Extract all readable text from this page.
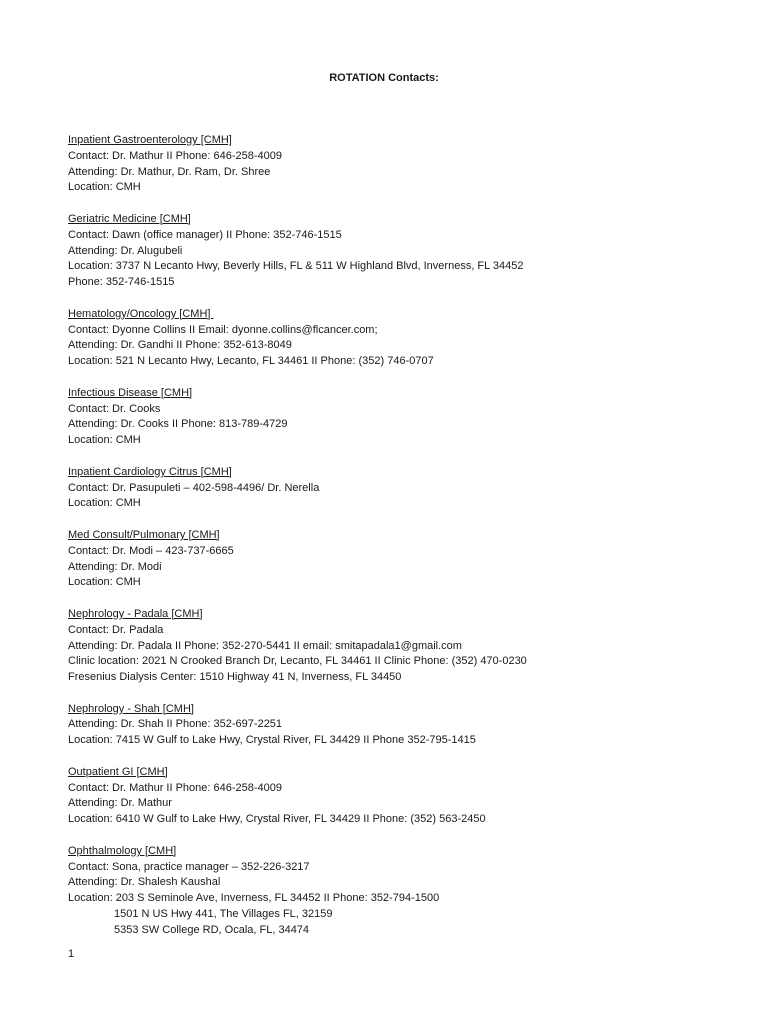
ROTATION Contacts:
Inpatient Gastroenterology [CMH]
Contact: Dr. Mathur II Phone: 646-258-4009
Attending: Dr. Mathur, Dr. Ram, Dr. Shree
Location: CMH
Geriatric Medicine [CMH]
Contact: Dawn (office manager) II Phone: 352-746-1515
Attending: Dr. Alugubeli
Location: 3737 N Lecanto Hwy, Beverly Hills, FL & 511 W Highland Blvd, Inverness, FL 34452
Phone: 352-746-1515
Hematology/Oncology [CMH]
Contact: Dyonne Collins II Email: dyonne.collins@flcancer.com;
Attending: Dr. Gandhi II Phone: 352-613-8049
Location: 521 N Lecanto Hwy, Lecanto, FL 34461 II Phone: (352) 746-0707
Infectious Disease [CMH]
Contact: Dr. Cooks
Attending: Dr. Cooks II Phone: 813-789-4729
Location: CMH
Inpatient Cardiology Citrus [CMH]
Contact: Dr. Pasupuleti – 402-598-4496/ Dr. Nerella
Location: CMH
Med Consult/Pulmonary [CMH]
Contact: Dr. Modi – 423-737-6665
Attending: Dr. Modi
Location: CMH
Nephrology - Padala [CMH]
Contact: Dr. Padala
Attending: Dr. Padala II Phone: 352-270-5441 II email: smitapadala1@gmail.com
Clinic location: 2021 N Crooked Branch Dr, Lecanto, FL 34461 II Clinic Phone: (352) 470-0230
Fresenius Dialysis Center: 1510 Highway 41 N, Inverness, FL 34450
Nephrology - Shah [CMH]
Attending: Dr. Shah II Phone: 352-697-2251
Location: 7415 W Gulf to Lake Hwy, Crystal River, FL 34429 II Phone 352-795-1415
Outpatient GI [CMH]
Contact: Dr. Mathur II Phone: 646-258-4009
Attending: Dr. Mathur
Location: 6410 W Gulf to Lake Hwy, Crystal River, FL 34429 II Phone: (352) 563-2450
Ophthalmology [CMH]
Contact: Sona, practice manager – 352-226-3217
Attending: Dr. Shalesh Kaushal
Location: 203 S Seminole Ave, Inverness, FL 34452 II Phone: 352-794-1500
1501 N US Hwy 441, The Villages FL, 32159
5353 SW College RD, Ocala, FL, 34474
1
